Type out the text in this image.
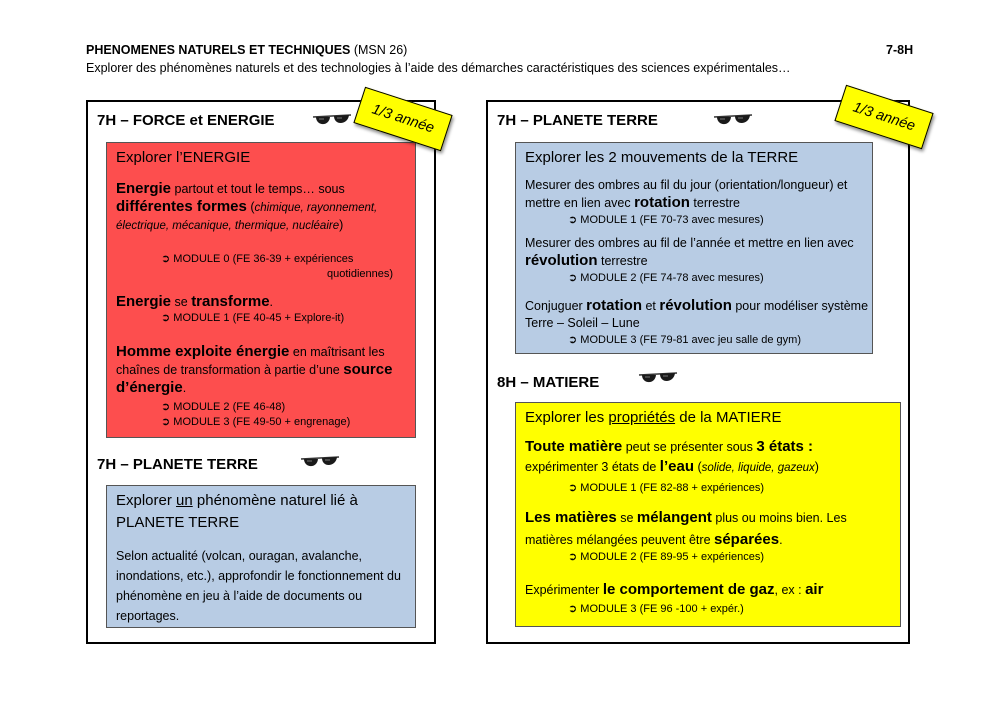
PHENOMENES NATURELS ET TECHNIQUES (MSN 26)	7-8H
Explorer des phénomènes naturels et des technologies à l’aide des démarches caractéristiques des sciences expérimentales…
7H – FORCE et ENERGIE
Explorer l’ENERGIE
Energie partout et tout le temps… sous
différentes formes (chimique, rayonnement, électrique, mécanique, thermique, nucléaire)
➲ MODULE 0 (FE 36-39 + expériences
quotidiennes)
Energie se transforme.
➲ MODULE 1 (FE 40-45 + Explore-it)
Homme exploite énergie en maîtrisant les chaînes de transformation à partie d’une source d’énergie.
➲ MODULE 2 (FE 46-48)
➲ MODULE 3 (FE 49-50 + engrenage)
7H – PLANETE TERRE
Explorer un phénomène naturel lié à
PLANETE TERRE
Selon actualité (volcan, ouragan, avalanche, inondations, etc.), approfondir le fonctionnement du phénomène en jeu à l’aide de documents ou reportages.
1/3 année	7H – PLANETE TERRE
Explorer les 2 mouvements de la TERRE
Mesurer des ombres au fil du jour (orientation/longueur) et mettre en lien avec rotation terrestre
➲ MODULE 1 (FE 70-73 avec mesures)
Mesurer des ombres au fil de l’année et mettre en lien avec révolution terrestre
➲ MODULE 2 (FE 74-78 avec mesures)
Conjuguer rotation et révolution pour modéliser système Terre – Soleil – Lune
➲ MODULE 3 (FE 79-81 avec jeu salle de gym)
8H – MATIERE
Explorer les propriétés de la MATIERE
Toute matière peut se présenter sous 3 états :
expérimenter 3 états de l’eau (solide, liquide, gazeux)
➲ MODULE 1 (FE 82-88 + expériences)
Les matières se mélangent plus ou moins bien. Les matières mélangées peuvent être séparées.
➲ MODULE 2 (FE 89-95 + expériences)
Expérimenter le comportement de gaz, ex : air
➲ MODULE 3 (FE 96 -100 + expér.)
1/3 année
